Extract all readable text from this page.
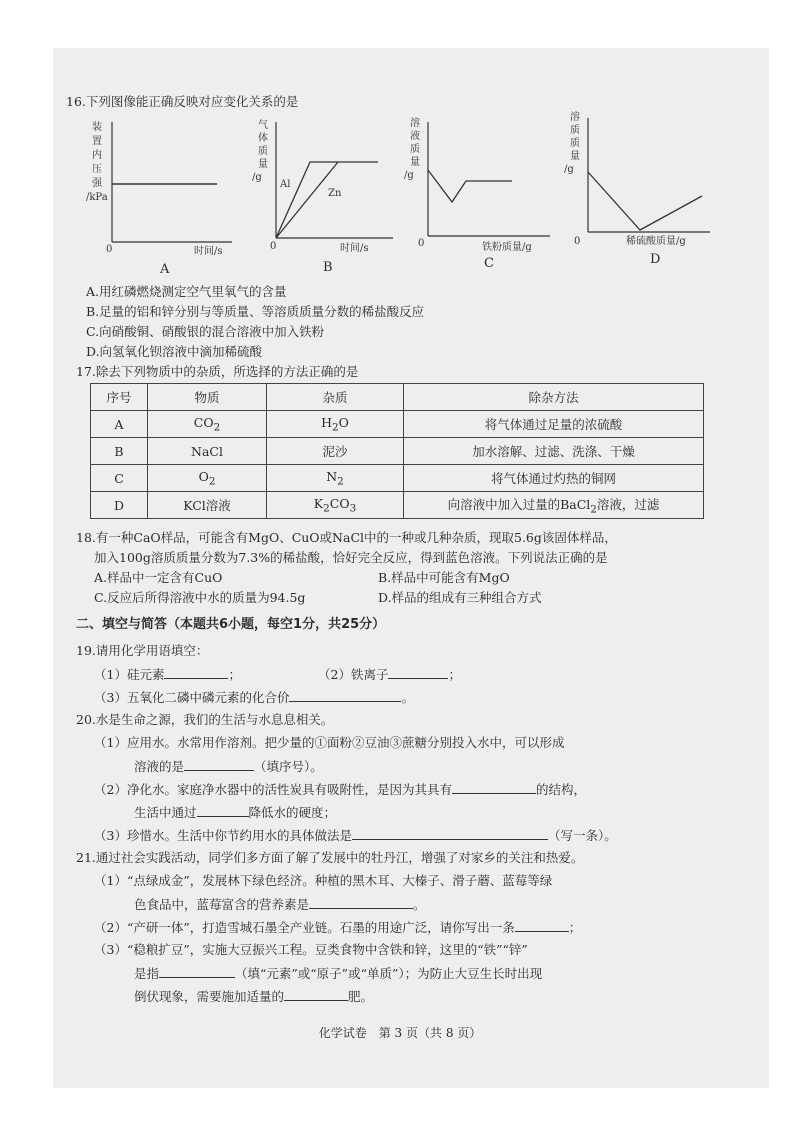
16.下列图像能正确反映对应变化关系的是
装
置
内
压
强
/kPa
0	时间/s
A
气
体
质
量
/g
Al
Zn
0	时间/s
B
溶
液
质
量
/g
0	铁粉质量/g
C
溶
质
质
量
/g
0	稀硫酸质量/g
D
A.用红磷燃烧测定空气里氧气的含量
B.足量的铝和锌分别与等质量、等溶质质量分数的稀盐酸反应
C.向硝酸铜、硝酸银的混合溶液中加入铁粉
D.向氢氧化钡溶液中滴加稀硫酸
17.除去下列物质中的杂质，所选择的方法正确的是
序号	物质	杂质	除杂方法
A	$CO_2$	$H_2O$	将气体通过足量的浓硫酸
B	NaCl	泥沙	加水溶解、过滤、洗涤、干燥
C	$O_2$	$N_2$	将气体通过灼热的铜网
D	KCl溶液	$K_2CO_3$	向溶液中加入过量的BaCl$_2$溶液，过滤
18.有一种CaO样品，可能含有MgO、CuO或NaCl中的一种或几种杂质，现取5.6g该固体样品，
加入100g溶质质量分数为7.3%的稀盐酸，恰好完全反应，得到蓝色溶液。下列说法正确的是
A.样品中一定含有CuO	B.样品中可能含有MgO
C.反应后所得溶液中水的质量为94.5g	D.样品的组成有三种组合方式
二、填空与简答（本题共6小题，每空1分，共25分）
19.请用化学用语填空：
（1）硅元素	；	（2）铁离子	；
（3）五氧化二磷中磷元素的化合价	。
20.水是生命之源，我们的生活与水息息相关。
（1）应用水。水常用作溶剂。把少量的①面粉②豆油③蔗糖分别投入水中，可以形成
溶液的是	（填序号）。
（2）净化水。家庭净水器中的活性炭具有吸附性，是因为其具有	的结构，
生活中通过	降低水的硬度；
（3）珍惜水。生活中你节约用水的具体做法是	（写一条）。
21.通过社会实践活动，同学们多方面了解了发展中的牡丹江，增强了对家乡的关注和热爱。
（1）“点绿成金”，发展林下绿色经济。种植的黑木耳、大榛子、滑子蘑、蓝莓等绿
色食品中，蓝莓富含的营养素是	。
（2）“产研一体”，打造雪城石墨全产业链。石墨的用途广泛，请你写出一条	；
（3）“稳粮扩豆”，实施大豆振兴工程。豆类食物中含铁和锌，这里的“铁”“锌”
是指	（填“元素”或“原子”或“单质”）；为防止大豆生长时出现
倒伏现象，需要施加适量的	肥。
化学试卷　第 3 页（共 8 页）
